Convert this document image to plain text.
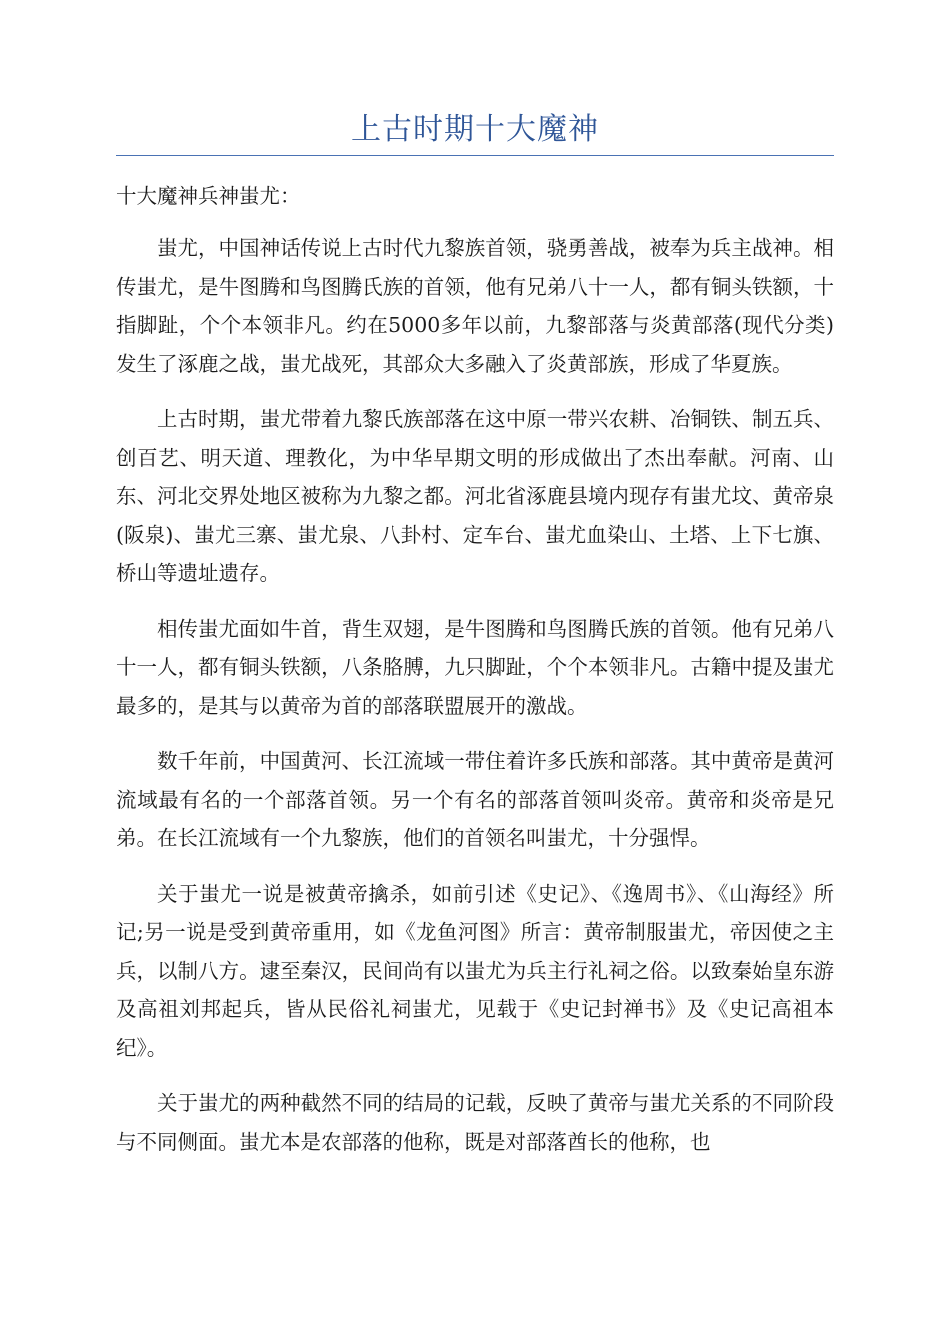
上古时期十大魔神
十大魔神兵神蚩尤：

蚩尤，中国神话传说上古时代九黎族首领，骁勇善战，被奉为兵主战神。相传蚩尤，是牛图腾和鸟图腾氏族的首领，他有兄弟八十一人，都有铜头铁额，十指脚趾，个个本领非凡。约在5000多年以前，九黎部落与炎黄部落(现代分类)发生了涿鹿之战，蚩尤战死，其部众大多融入了炎黄部族，形成了华夏族。

上古时期，蚩尤带着九黎氏族部落在这中原一带兴农耕、冶铜铁、制五兵、创百艺、明天道、理教化，为中华早期文明的形成做出了杰出奉献。河南、山东、河北交界处地区被称为九黎之都。河北省涿鹿县境内现存有蚩尤坟、黄帝泉(阪泉)、蚩尤三寨、蚩尤泉、八卦村、定车台、蚩尤血染山、土塔、上下七旗、桥山等遗址遗存。

相传蚩尤面如牛首，背生双翅，是牛图腾和鸟图腾氏族的首领。他有兄弟八十一人，都有铜头铁额，八条胳膊，九只脚趾，个个本领非凡。古籍中提及蚩尤最多的，是其与以黄帝为首的部落联盟展开的激战。

数千年前，中国黄河、长江流域一带住着许多氏族和部落。其中黄帝是黄河流域最有名的一个部落首领。另一个有名的部落首领叫炎帝。黄帝和炎帝是兄弟。在长江流域有一个九黎族，他们的首领名叫蚩尤，十分强悍。

关于蚩尤一说是被黄帝擒杀，如前引述《史记》、《逸周书》、《山海经》所记;另一说是受到黄帝重用，如《龙鱼河图》所言：黄帝制服蚩尤，帝因使之主兵，以制八方。逮至秦汉，民间尚有以蚩尤为兵主行礼祠之俗。以致秦始皇东游及高祖刘邦起兵，皆从民俗礼祠蚩尤，见载于《史记封禅书》及《史记高祖本纪》。

关于蚩尤的两种截然不同的结局的记载，反映了黄帝与蚩尤关系的不同阶段与不同侧面。蚩尤本是农部落的他称，既是对部落酋长的他称，也
